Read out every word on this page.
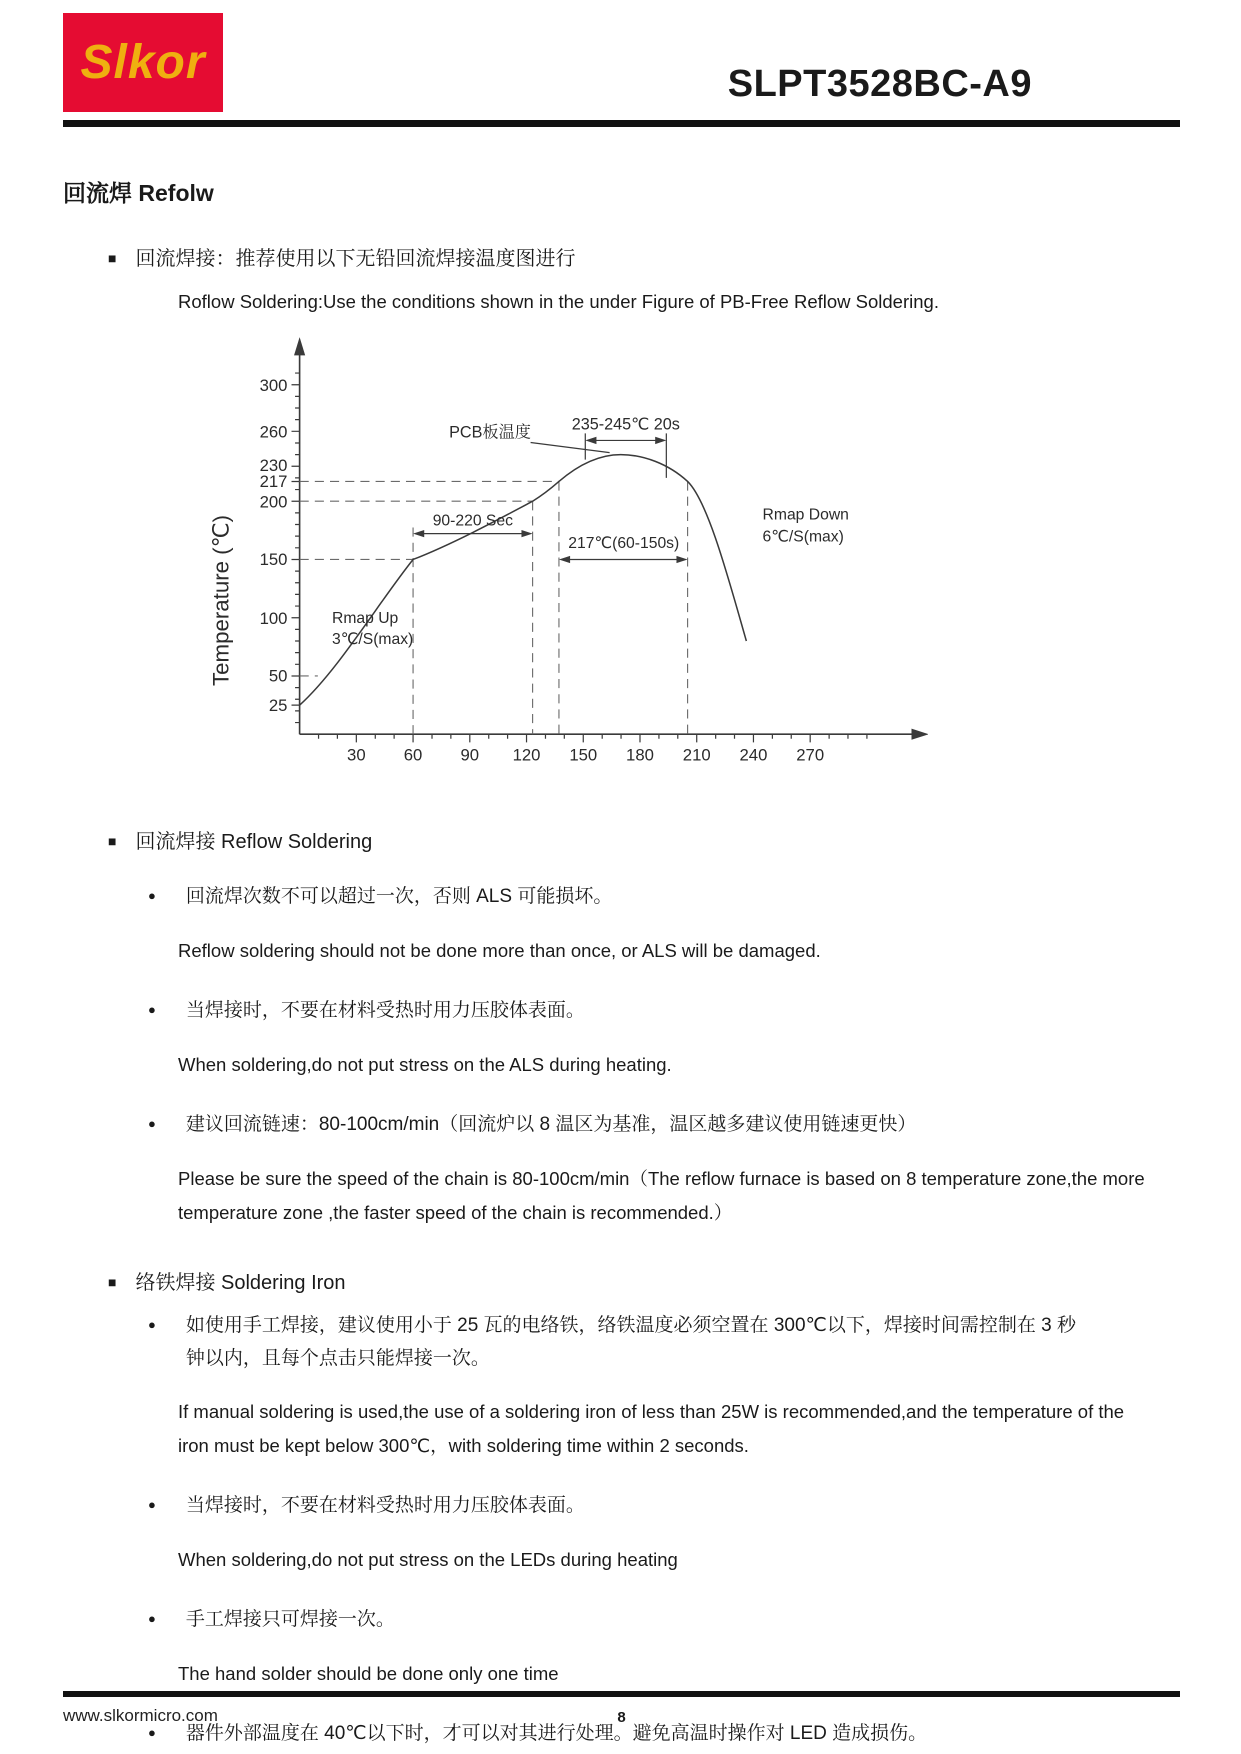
Slkor	SLPT3528BC-A9
回流焊 Refolw
■ 回流焊接：推荐使用以下无铅回流焊接温度图进行

Roflow Soldering:Use the conditions shown in the under Figure of PB-Free Reflow Soldering.

Temperature (℃)
300
260
230
217
200
150
100
50
25
30 60 90 120 150 180 210 240 270
90-220 Sec
217℃(60-150s)
235-245℃ 20s
PCB板温度
Rmap Up
3℃/S(max)
Rmap Down
6℃/S(max)
■ 回流焊接 Reflow Soldering
● 回流焊次数不可以超过一次，否则 ALS 可能损坏。

Reflow soldering should not be done more than once, or ALS will be damaged.

● 当焊接时，不要在材料受热时用力压胶体表面。

When soldering,do not put stress on the ALS during heating.

● 建议回流链速：80-100cm/min（回流炉以 8 温区为基准，温区越多建议使用链速更快）

Please be sure the speed of the chain is 80-100cm/min（The reflow furnace is based on 8 temperature zone,the more temperature zone ,the faster speed of the chain is recommended.）

■ 络铁焊接 Soldering Iron
● 如使用手工焊接，建议使用小于 25 瓦的电络铁，络铁温度必须空置在 300℃以下，焊接时间需控制在 3 秒钟以内，且每个点击只能焊接一次。

If manual soldering is used,the use of a soldering iron of less than 25W is recommended,and the temperature of the iron must be kept below 300℃，with soldering time within 2 seconds.

● 当焊接时，不要在材料受热时用力压胶体表面。

When soldering,do not put stress on the LEDs during heating

● 手工焊接只可焊接一次。

The hand solder should be done only one time

● 器件外部温度在 40℃以下时，才可以对其进行处理。避免高温时操作对 LED 造成损伤。
www.slkormicro.com	8
